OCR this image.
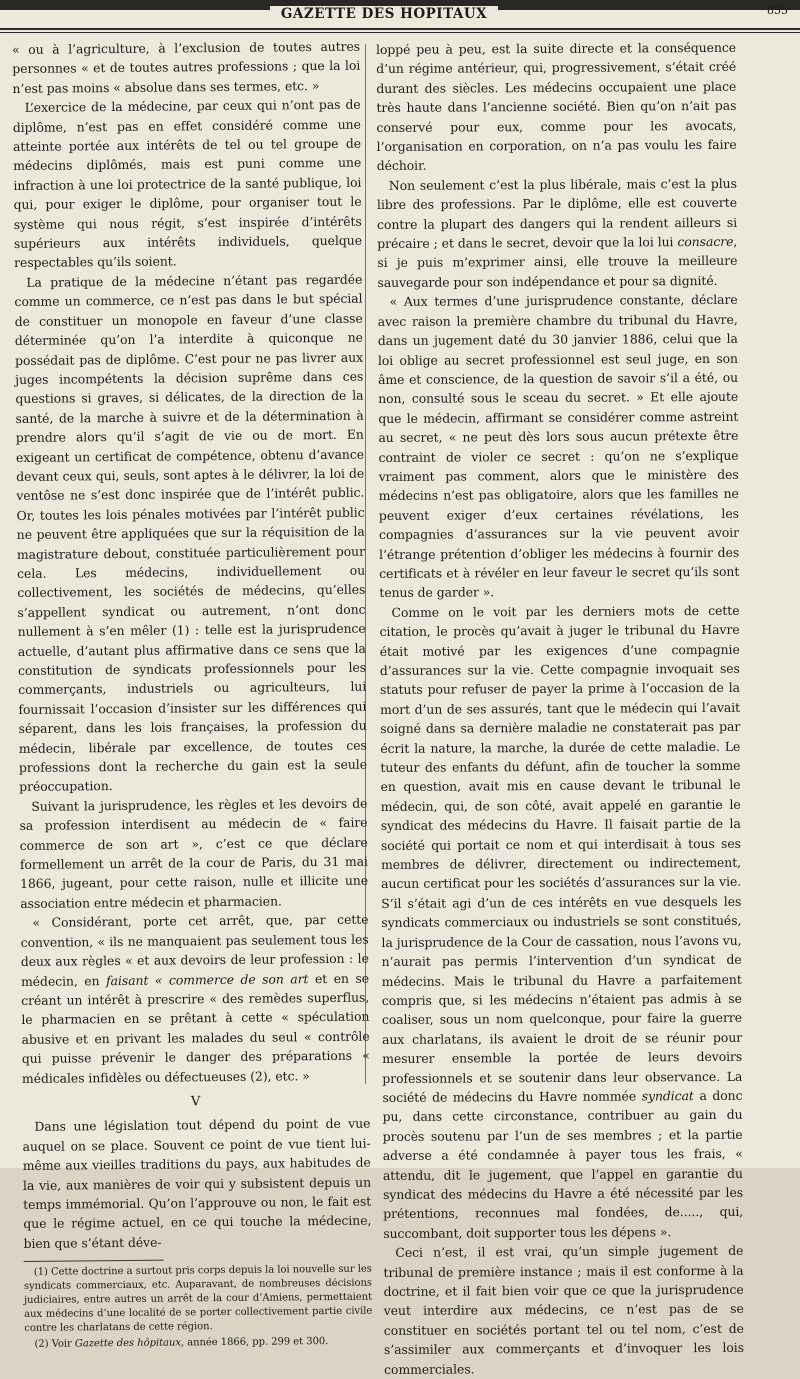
GAZETTE DES HOPITAUX	855

« ou à l’agriculture, à l’exclusion de toutes autres personnes « et de toutes autres professions ; que la loi n’est pas moins « absolue dans ses termes, etc. »

L’exercice de la médecine, par ceux qui n’ont pas de diplôme, n’est pas en effet considéré comme une atteinte portée aux intérêts de tel ou tel groupe de médecins diplômés, mais est puni comme une infraction à une loi protectrice de la santé publique, loi qui, pour exiger le diplôme, pour organiser tout le système qui nous régit, s’est inspirée d’intérêts supérieurs aux intérêts individuels, quelque respectables qu’ils soient.

La pratique de la médecine n’étant pas regardée comme un commerce, ce n’est pas dans le but spécial de constituer un monopole en faveur d’une classe déterminée qu’on l’a interdite à quiconque ne possédait pas de diplôme. C’est pour ne pas livrer aux juges incompétents la décision suprême dans ces questions si graves, si délicates, de la direction de la santé, de la marche à suivre et de la détermination à prendre alors qu’il s’agit de vie ou de mort. En exigeant un certificat de compétence, obtenu d’avance devant ceux qui, seuls, sont aptes à le délivrer, la loi de ventôse ne s’est donc inspirée que de l’intérêt public. Or, toutes les lois pénales motivées par l’intérêt public ne peuvent être appliquées que sur la réquisition de la magistrature debout, constituée particulièrement pour cela. Les médecins, individuellement ou collectivement, les sociétés de médecins, qu’elles s’appellent syndicat ou autrement, n’ont donc nullement à s’en mêler (1) : telle est la jurisprudence actuelle, d’autant plus affirmative dans ce sens que la constitution de syndicats professionnels pour les commerçants, industriels ou agriculteurs, lui fournissait l’occasion d’insister sur les différences qui séparent, dans les lois françaises, la profession du médecin, libérale par excellence, de toutes ces professions dont la recherche du gain est la seule préoccupation.

Suivant la jurisprudence, les règles et les devoirs de sa profession interdisent au médecin de « faire commerce de son art », c’est ce que déclare formellement un arrêt de la cour de Paris, du 31 mai 1866, jugeant, pour cette raison, nulle et illicite une association entre médecin et pharmacien.

« Considérant, porte cet arrêt, que, par cette convention, « ils ne manquaient pas seulement tous les deux aux règles « et aux devoirs de leur profession : le médecin, en faisant « commerce de son art et en se créant un intérêt à prescrire « des remèdes superflus, le pharmacien en se prêtant à cette « spéculation abusive et en privant les malades du seul « contrôle qui puisse prévenir le danger des préparations « médicales infidèles ou défectueuses (2), etc. »

V

Dans une législation tout dépend du point de vue auquel on se place. Souvent ce point de vue tient lui-même aux vieilles traditions du pays, aux habitudes de la vie, aux manières de voir qui y subsistent depuis un temps immémorial. Qu’on l’approuve ou non, le fait est que le régime actuel, en ce qui touche la médecine, bien que s’étant déve-

(1) Cette doctrine a surtout pris corps depuis la loi nouvelle sur les syndicats commerciaux, etc. Auparavant, de nombreuses décisions judiciaires, entre autres un arrêt de la cour d’Amiens, permettaient aux médecins d’une localité de se porter collectivement partie civile contre les charlatans de cette région.

(2) Voir Gazette des hôpitaux, année 1866, pp. 299 et 300.

loppé peu à peu, est la suite directe et la conséquence d’un régime antérieur, qui, progressivement, s’était créé durant des siècles. Les médecins occupaient une place très haute dans l’ancienne société. Bien qu’on n’ait pas conservé pour eux, comme pour les avocats, l’organisation en corporation, on n’a pas voulu les faire déchoir.

Non seulement c’est la plus libérale, mais c’est la plus libre des professions. Par le diplôme, elle est couverte contre la plupart des dangers qui la rendent ailleurs si précaire ; et dans le secret, devoir que la loi lui consacre, si je puis m’exprimer ainsi, elle trouve la meilleure sauvegarde pour son indépendance et pour sa dignité.

« Aux termes d’une jurisprudence constante, déclare avec raison la première chambre du tribunal du Havre, dans un jugement daté du 30 janvier 1886, celui que la loi oblige au secret professionnel est seul juge, en son âme et conscience, de la question de savoir s’il a été, ou non, consulté sous le sceau du secret. » Et elle ajoute que le médecin, affirmant se considérer comme astreint au secret, « ne peut dès lors sous aucun prétexte être contraint de violer ce secret : qu’on ne s’explique vraiment pas comment, alors que le ministère des médecins n’est pas obligatoire, alors que les familles ne peuvent exiger d’eux certaines révélations, les compagnies d’assurances sur la vie peuvent avoir l’étrange prétention d’obliger les médecins à fournir des certificats et à révéler en leur faveur le secret qu’ils sont tenus de garder ».

Comme on le voit par les derniers mots de cette citation, le procès qu’avait à juger le tribunal du Havre était motivé par les exigences d’une compagnie d’assurances sur la vie. Cette compagnie invoquait ses statuts pour refuser de payer la prime à l’occasion de la mort d’un de ses assurés, tant que le médecin qui l’avait soigné dans sa dernière maladie ne constaterait pas par écrit la nature, la marche, la durée de cette maladie. Le tuteur des enfants du défunt, afin de toucher la somme en question, avait mis en cause devant le tribunal le médecin, qui, de son côté, avait appelé en garantie le syndicat des médecins du Havre. Il faisait partie de la société qui portait ce nom et qui interdisait à tous ses membres de délivrer, directement ou indirectement, aucun certificat pour les sociétés d’assurances sur la vie. S’il s’était agi d’un de ces intérêts en vue desquels les syndicats commerciaux ou industriels se sont constitués, la jurisprudence de la Cour de cassation, nous l’avons vu, n’aurait pas permis l’intervention d’un syndicat de médecins. Mais le tribunal du Havre a parfaitement compris que, si les médecins n’étaient pas admis à se coaliser, sous un nom quelconque, pour faire la guerre aux charlatans, ils avaient le droit de se réunir pour mesurer ensemble la portée de leurs devoirs professionnels et se soutenir dans leur observance. La société de médecins du Havre nommée syndicat a donc pu, dans cette circonstance, contribuer au gain du procès soutenu par l’un de ses membres ; et la partie adverse a été condamnée à payer tous les frais, « attendu, dit le jugement, que l’appel en garantie du syndicat des médecins du Havre a été nécessité par les prétentions, reconnues mal fondées, de....., qui, succombant, doit supporter tous les dépens ».

Ceci n’est, il est vrai, qu’un simple jugement de tribunal de première instance ; mais il est conforme à la doctrine, et il fait bien voir que ce que la jurisprudence veut interdire aux médecins, ce n’est pas de se constituer en sociétés portant tel ou tel nom, c’est de s’assimiler aux commerçants et d’invoquer les lois commerciales.
